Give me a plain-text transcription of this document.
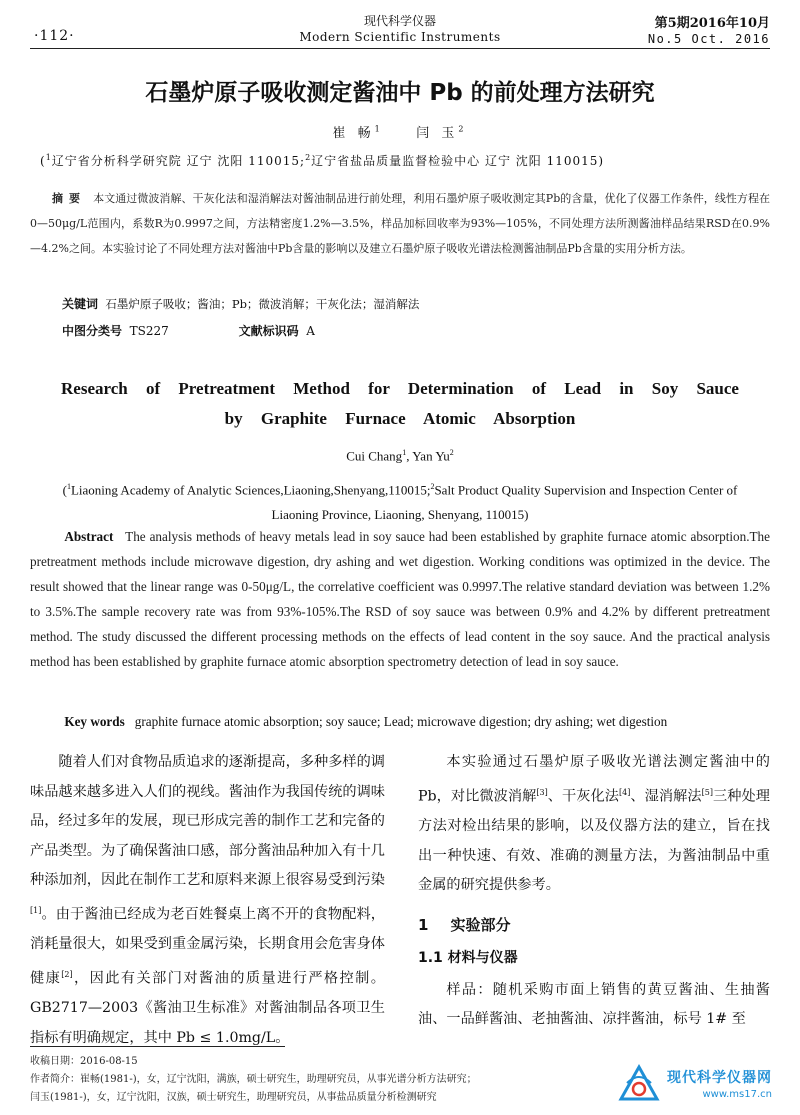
·112·
现代科学仪器
Modern Scientific Instruments
第5期2016年10月
No.5 Oct. 2016
石墨炉原子吸收测定酱油中 Pb 的前处理方法研究
崔 畅$^1$	闫 玉$^2$
($^1$辽宁省分析科学研究院 辽宁 沈阳 110015;$^2$辽宁省盐品质量监督检验中心 辽宁 沈阳 110015)
摘要 本文通过微波消解、干灰化法和湿消解法对酱油制品进行前处理，利用石墨炉原子吸收测定其Pb的含量，优化了仪器工作条件，线性方程在0—50μg/L范围内，系数R为0.9997之间，方法精密度1.2%—3.5%，样品加标回收率为93%—105%，不同处理方法所测酱油样品结果RSD在0.9%—4.2%之间。本实验讨论了不同处理方法对酱油中Pb含量的影响以及建立石墨炉原子吸收光谱法检测酱油制品Pb含量的实用分析方法。
关键词 石墨炉原子吸收；酱油；Pb；微波消解；干灰化法；湿消解法
中图分类号 TS227	文献标识码 A
Research of Pretreatment Method for Determination of Lead in Soy Sauce
by Graphite Furnace Atomic Absorption
Cui Chang$^1$, Yan Yu$^2$
($^1$Liaoning Academy of Analytic Sciences,Liaoning,Shenyang,110015;$^2$Salt Product Quality Supervision and Inspection Center of Liaoning Province, Liaoning, Shenyang, 110015)
Abstract The analysis methods of heavy metals lead in soy sauce had been established by graphite furnace atomic absorption.The pretreatment methods include microwave digestion, dry ashing and wet digestion. Working conditions was optimized in the device. The result showed that the linear range was 0-50μg/L, the correlative coefficient was 0.9997.The relative standard deviation was between 1.2% to 3.5%.The sample recovery rate was from 93%-105%.The RSD of soy sauce was between 0.9% and 4.2% by different pretreatment method. The study discussed the different processing methods on the effects of lead content in the soy sauce. And the practical analysis method has been established by graphite furnace atomic absorption spectrometry detection of lead in soy sauce.
Key words graphite furnace atomic absorption; soy sauce; Lead; microwave digestion; dry ashing; wet digestion

随着人们对食物品质追求的逐渐提高，多种多样的调味品越来越多进入人们的视线。酱油作为我国传统的调味品，经过多年的发展，现已形成完善的制作工艺和完备的产品类型。为了确保酱油口感，部分酱油品种加入有十几种添加剂，因此在制作工艺和原料来源上很容易受到污染[1]。由于酱油已经成为老百姓餐桌上离不开的食物配料，消耗量很大，如果受到重金属污染，长期食用会危害身体健康[2]，因此有关部门对酱油的质量进行严格控制。GB2717—2003《酱油卫生标准》对酱油制品各项卫生指标有明确规定，其中 Pb ≤ 1.0mg/L。

本实验通过石墨炉原子吸收光谱法测定酱油中的Pb，对比微波消解[3]、干灰化法[4]、湿消解法[5]三种处理方法对检出结果的影响，以及仪器方法的建立，旨在找出一种快速、有效、准确的测量方法，为酱油制品中重金属的研究提供参考。

1 实验部分
1.1 材料与仪器

样品：随机采购市面上销售的黄豆酱油、生抽酱油、一品鲜酱油、老抽酱油、凉拌酱油，标号 1# 至

收稿日期：2016-08-15
作者简介：崔畅(1981-)，女，辽宁沈阳，满族，硕士研究生，助理研究员，从事光谱分析方法研究；
闫玉(1981-)，女，辽宁沈阳，汉族，硕士研究生，助理研究员，从事盐品质量分析检测研究
现代科学仪器网
www.ms17.cn
